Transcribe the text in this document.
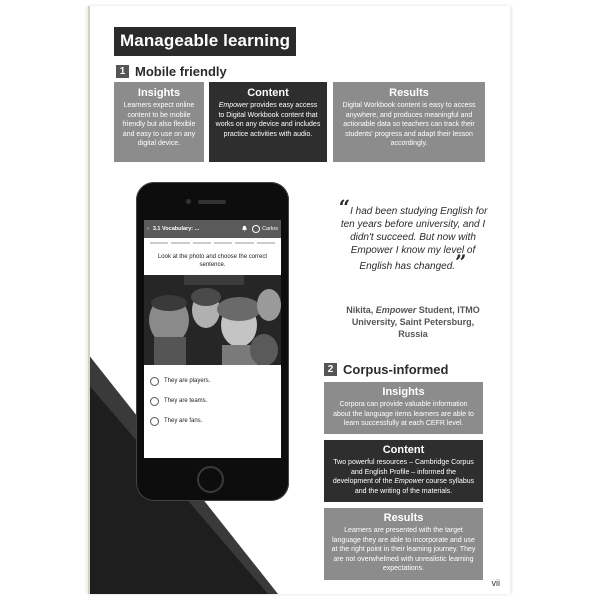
Manageable learning
1 Mobile friendly
Insights
Learners expect online content to be mobile friendly but also flexible and easy to use on any digital device.
Content
Empower provides easy access to Digital Workbook content that works on any device and includes practice activities with audio.
Results
Digital Workbook content is easy to access anywhere, and produces meaningful and actionable data so teachers can track their students' progress and adapt their lesson accordingly.
‹ 3.1 Vocabulary: ...	Carlos
Look at the photo and choose the correct sentence.
They are players.
They are teams.
They are fans.
“I had been studying English for ten years before university, and I didn't succeed. But now with Empower I know my level of English has changed.”
Nikita, Empower Student, ITMO University, Saint Petersburg, Russia
2 Corpus-informed
Insights
Corpora can provide valuable information about the language items learners are able to learn successfully at each CEFR level.
Content
Two powerful resources – Cambridge Corpus and English Profile – informed the development of the Empower course syllabus and the writing of the materials.
Results
Learners are presented with the target language they are able to incorporate and use at the right point in their learning journey. They are not overwhelmed with unrealistic learning expectations.
vii
